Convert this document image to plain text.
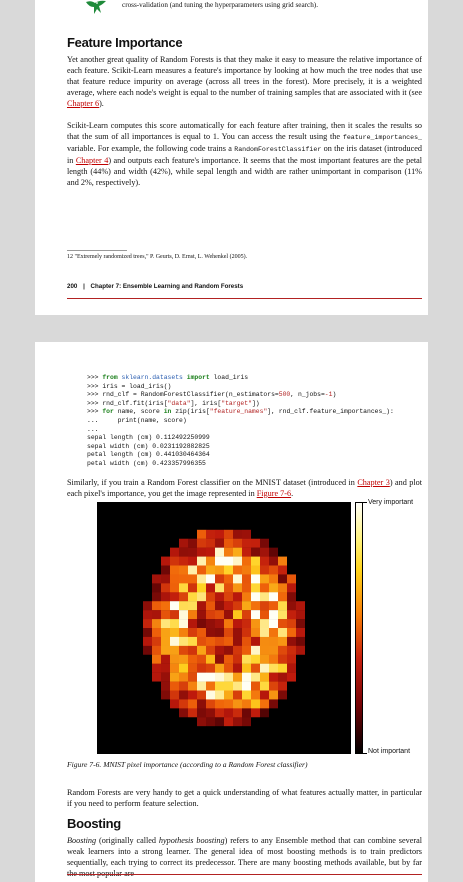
cross-validation (and tuning the hyperparameters using grid search).
Feature Importance

Yet another great quality of Random Forests is that they make it easy to measure the relative importance of each feature. Scikit-Learn measures a feature's importance by looking at how much the tree nodes that use that feature reduce impurity on average (across all trees in the forest). More precisely, it is a weighted average, where each node's weight is equal to the number of training samples that are associated with it (see Chapter 6).

Scikit-Learn computes this score automatically for each feature after training, then it scales the results so that the sum of all importances is equal to 1. You can access the result using the feature_importances_ variable. For example, the following code trains a RandomForestClassifier on the iris dataset (introduced in Chapter 4) and outputs each feature's importance. It seems that the most important features are the petal length (44%) and width (42%), while sepal length and width are rather unimportant in comparison (11% and 2%, respectively).

12 "Extremely randomized trees," P. Geurts, D. Ernst, L. Wehenkel (2005).
200 | Chapter 7: Ensemble Learning and Random Forests
>>> from sklearn.datasets import load_iris
>>> iris = load_iris()
>>> rnd_clf = RandomForestClassifier(n_estimators=500, n_jobs=-1)
>>> rnd_clf.fit(iris["data"], iris["target"])
>>> for name, score in zip(iris["feature_names"], rnd_clf.feature_importances_):
...     print(name, score)
...
sepal length (cm) 0.112492250999
sepal width (cm) 0.0231192882825
petal length (cm) 0.441030464364
petal width (cm) 0.423357996355

Similarly, if you train a Random Forest classifier on the MNIST dataset (introduced in Chapter 3) and plot each pixel's importance, you get the image represented in Figure 7-6.

Very important
Not important
Figure 7-6. MNIST pixel importance (according to a Random Forest classifier)

Random Forests are very handy to get a quick understanding of what features actually matter, in particular if you need to perform feature selection.

Boosting

Boosting (originally called hypothesis boosting) refers to any Ensemble method that can combine several weak learners into a strong learner. The general idea of most boosting methods is to train predictors sequentially, each trying to correct its predecessor. There are many boosting methods available, but by far
